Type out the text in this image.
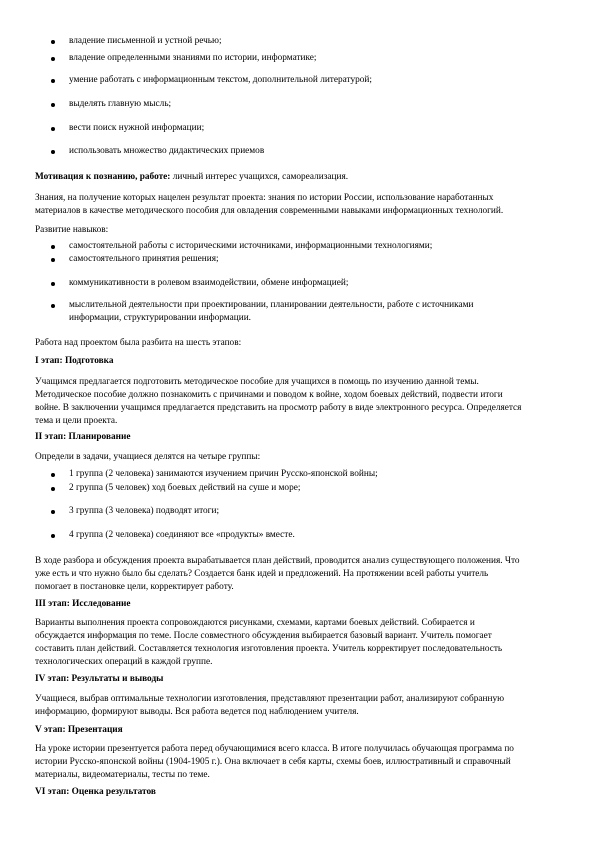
владение письменной и устной речью;

владение определенными знаниями по истории, информатике;

умение работать с информационным текстом, дополнительной литературой;

выделять главную мысль;

вести поиск нужной информации;

использовать множество дидактических приемов

Мотивация к познанию, работе: личный интерес учащихся, самореализация.

Знания, на получение которых нацелен результат проекта: знания по истории России, использование наработанных

материалов в качестве методического пособия для овладения современными навыками информационных технологий.

Развитие навыков:

самостоятельной работы с историческими источниками, информационными технологиями;

самостоятельного принятия решения;

коммуникативности в ролевом взаимодействии, обмене информацией;

мыслительной деятельности при проектировании, планировании деятельности, работе с источниками

информации, структурировании информации.

Работа над проектом была разбита на шесть этапов:

I этап: Подготовка

Учащимся предлагается подготовить методическое пособие для учащихся в помощь по изучению данной темы.

Методическое пособие должно познакомить с причинами и поводом к войне, ходом боевых действий, подвести итоги

войне. В заключении учащимся предлагается представить на просмотр работу в виде электронного ресурса. Определяется

тема и цели проекта.

II этап: Планирование

Определи в задачи, учащиеся делятся на четыре группы:

1 группа (2 человека) занимаются изучением причин Русско-японской войны;

2 группа (5 человек) ход боевых действий на суше и море;

3 группа (3 человека) подводят итоги;

4 группа (2 человека) соединяют все «продукты» вместе.

В ходе разбора и обсуждения проекта вырабатывается план действий, проводится анализ существующего положения. Что

уже есть и что нужно было бы сделать? Создается банк идей и предложений. На протяжении всей работы учитель

помогает в постановке цели, корректирует работу.

III этап: Исследование

Варианты выполнения проекта сопровождаются рисунками, схемами, картами боевых действий. Собирается и

обсуждается информация по теме. После совместного обсуждения выбирается базовый вариант. Учитель помогает

составить план действий. Составляется технология изготовления проекта. Учитель корректирует последовательность

технологических операций в каждой группе.

IV этап: Результаты и выводы

Учащиеся, выбрав оптимальные технологии изготовления, представляют презентации работ, анализируют собранную

информацию, формируют выводы. Вся работа ведется под наблюдением учителя.

V этап: Презентация

На уроке истории презентуется работа перед обучающимися всего класса. В итоге получилась обучающая программа по

истории Русско-японской войны (1904-1905 г.). Она включает в себя карты, схемы боев, иллюстративный и справочный

материалы, видеоматериалы, тесты по теме.

VI этап: Оценка результатов
